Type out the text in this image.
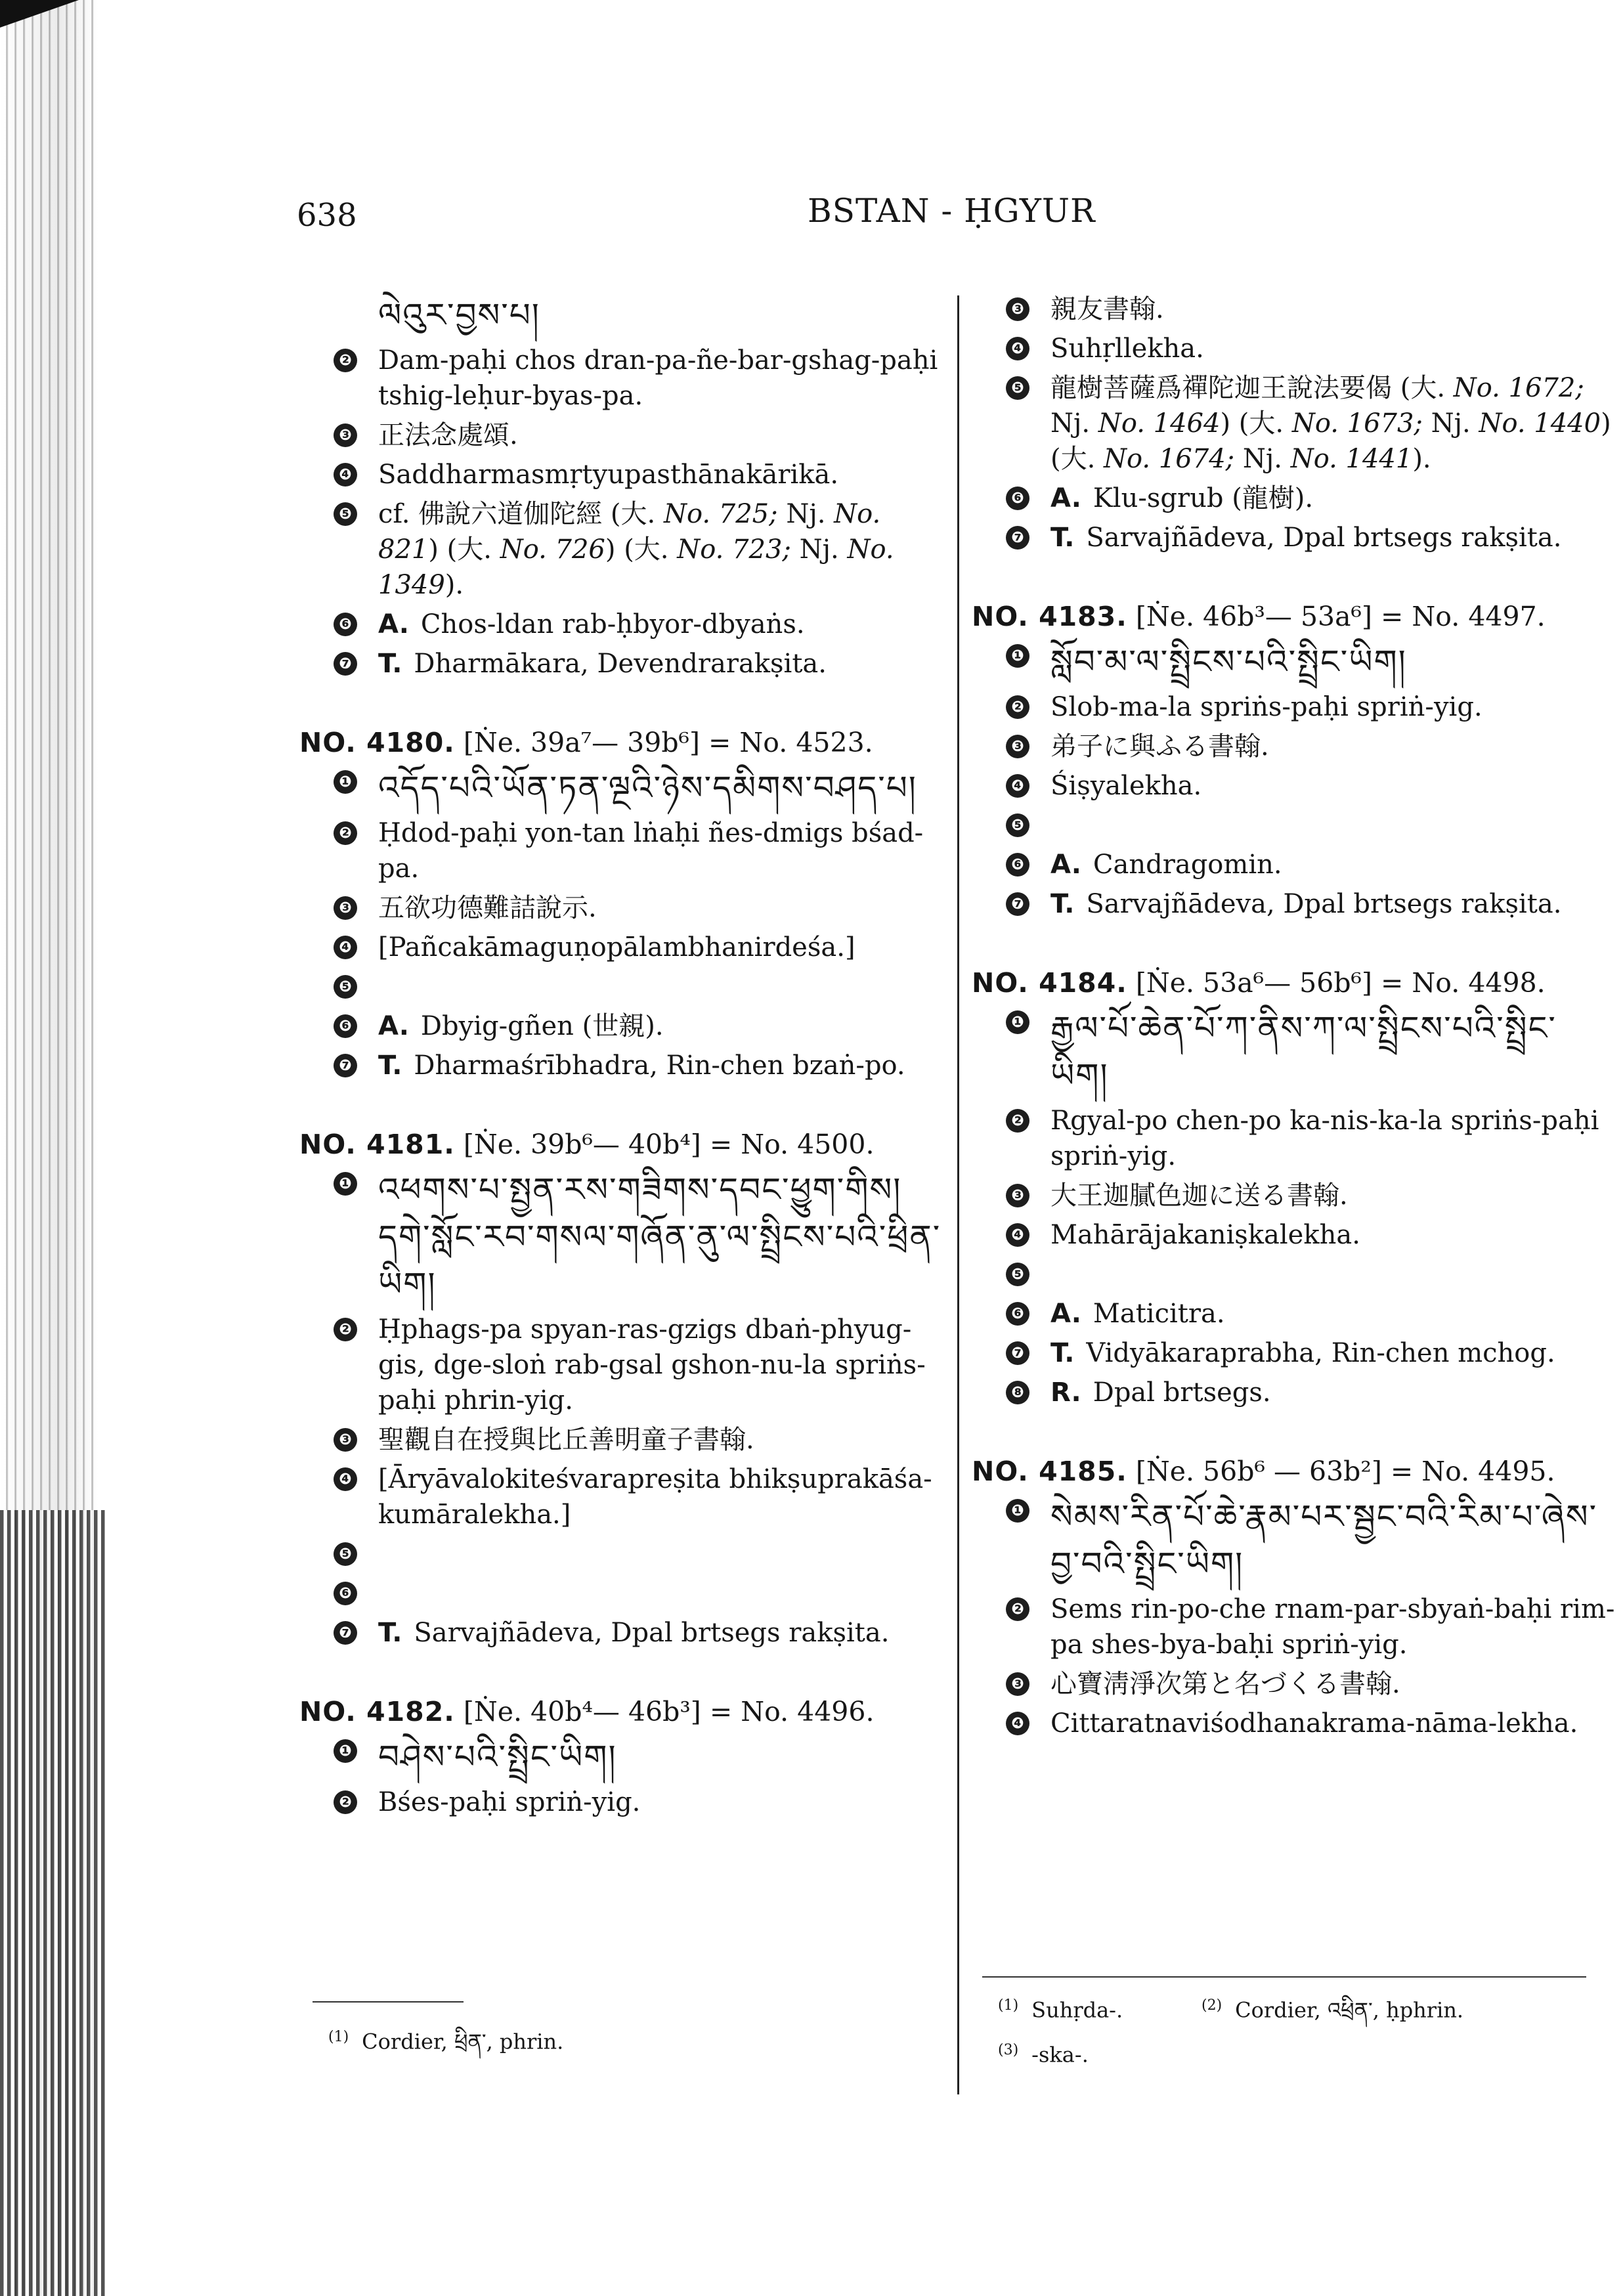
638	BSTAN - ḤGYUR
ལེའུར་བྱས་པ།
❷ Dam-paḥi chos dran-pa-ñe-bar-gshag-paḥi tshig-leḥur-byas-pa.
❸ 正法念處頌.
❹ Saddharmasmṛtyupasthānakārikā.
❺ cf. 佛說六道伽陀經 (大. No. 725; Nj. No. 821) (大. No. 726) (大. No. 723; Nj. No. 1349).
❻ A. Chos-ldan rab-ḥbyor-dbyaṅs.
❼ T. Dharmākara, Devendrarakṣita.
NO. 4180. [Ṅe. 39a⁷— 39b⁶] = No. 4523.
❶ འདོད་པའི་ཡོན་ཏན་ལྔའི་ཉེས་དམིགས་བཤད་པ།
❷ Ḥdod-paḥi yon-tan lṅaḥi ñes-dmigs bśad-pa.
❸ 五欲功德難詰說示.
❹ [Pañcakāmaguṇopālambhanirdeśa.]
❺
❻ A. Dbyig-gñen (世親).
❼ T. Dharmaśrībhadra, Rin-chen bzaṅ-po.
NO. 4181. [Ṅe. 39b⁶— 40b⁴] = No. 4500.
❶ འཕགས་པ་སྤྱན་རས་གཟིགས་དབང་ཕྱུག་གིས།
དགེ་སློང་རབ་གསལ་གཞོན་ནུ་ལ་སྤྲིངས་པའི་ཕྲིན་
ཡིག།
❷ Ḥphags-pa spyan-ras-gzigs dbaṅ-phyug-gis, dge-sloṅ rab-gsal gshon-nu-la spriṅs-paḥi phrin-yig.
❸ 聖觀自在授與比丘善明童子書翰.
❹ [Āryāvalokiteśvarapreṣita bhikṣuprakāśa-kumāralekha.]
❺
❻
❼ T. Sarvajñādeva, Dpal brtsegs rakṣita.
NO. 4182. [Ṅe. 40b⁴— 46b³] = No. 4496.
❶ བཤེས་པའི་སྤྲིང་ཡིག།
❷ Bśes-paḥi spriṅ-yig.
$^{(1)}$ Cordier, ཕྲིན་, phrin.
❸ 親友書翰.
❹ Suhṛllekha.
❺ 龍樹菩薩爲禪陀迦王說法要偈 (大. No. 1672; Nj. No. 1464) (大. No. 1673; Nj. No. 1440) (大. No. 1674; Nj. No. 1441).
❻ A. Klu-sgrub (龍樹).
❼ T. Sarvajñādeva, Dpal brtsegs rakṣita.
NO. 4183. [Ṅe. 46b³— 53a⁶] = No. 4497.
❶ སློབ་མ་ལ་སྤྲིངས་པའི་སྤྲིང་ཡིག།
❷ Slob-ma-la spriṅs-paḥi spriṅ-yig.
❸ 弟子に與ふる書翰.
❹ Śiṣyalekha.
❺
❻ A. Candragomin.
❼ T. Sarvajñādeva, Dpal brtsegs rakṣita.
NO. 4184. [Ṅe. 53a⁶— 56b⁶] = No. 4498.
❶ རྒྱལ་པོ་ཆེན་པོ་ཀ་ནིས་ཀ་ལ་སྤྲིངས་པའི་སྤྲིང་
ཡིག།
❷ Rgyal-po chen-po ka-nis-ka-la spriṅs-paḥi spriṅ-yig.
❸ 大王迦膩色迦に送る書翰.
❹ Mahārājakaniṣkalekha.
❺
❻ A. Maticitra.
❼ T. Vidyākaraprabha, Rin-chen mchog.
❽ R. Dpal brtsegs.
NO. 4185. [Ṅe. 56b⁶ — 63b²] = No. 4495.
❶ སེམས་རིན་པོ་ཆེ་རྣམ་པར་སྦྱང་བའི་རིམ་པ་ཞེས་
བྱ་བའི་སྤྲིང་ཡིག།
❷ Sems rin-po-che rnam-par-sbyaṅ-baḥi rim-pa shes-bya-baḥi spriṅ-yig.
❸ 心寶淸淨次第と名づくる書翰.
❹ Cittaratnaviśodhanakrama-nāma-lekha.
$^{(1)}$ Suhṛda-.	$^{(2)}$ Cordier, འཕྲིན་, ḥphrin.
$^{(3)}$ -ska-.
